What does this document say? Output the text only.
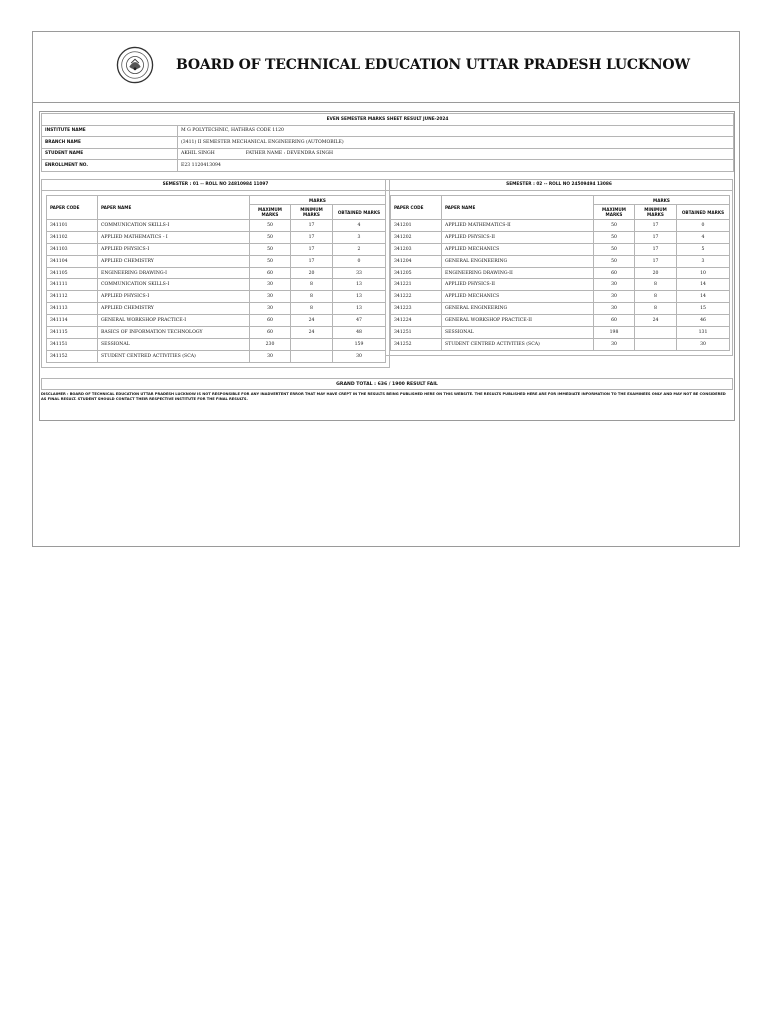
BOARD OF TECHNICAL EDUCATION UTTAR PRADESH LUCKNOW
EVEN SEMESTER MARKS SHEET RESULT JUNE-2024	
INSTITUTE NAME	M G POLYTECHNIC, HATHRAS CODE 1120
BRANCH NAME	(3411) II SEMESTER MECHANICAL ENGINEERING (AUTOMOBILE)
STUDENT NAME	AKHIL SINGH FATHER NAME : DEVENDRA SINGH
ENROLLMENT NO.	E23 1120413094
SEMESTER : 01 -- ROLL NO 24810984 11097
PAPER CODE	PAPER NAME	MARKS		
		MAXIMUM MARKS	MINIMUM MARKS	OBTAINED MARKS
341101	COMMUNICATION SKILLS-I	50	17	4
341102	APPLIED MATHEMATICS - I	50	17	3
341103	APPLIED PHYSICS-I	50	17	2
341104	APPLIED CHEMISTRY	50	17	0
341105	ENGINEERING DRAWING-I	60	20	33
341111	COMMUNICATION SKILLS-I	30	8	13
341112	APPLIED PHYSICS-I	30	8	13
341113	APPLIED CHEMISTRY	30	8	13
341114	GENERAL WORKSHOP PRACTICE-I	60	24	47
341115	BASICS OF INFORMATION TECHNOLOGY	60	24	48
341151	SESSIONAL	230		159
341152	STUDENT CENTRED ACTIVITIES (SCA)	30		30
SEMESTER : 02 -- ROLL NO 24509494 13086
PAPER CODE	PAPER NAME	MARKS		
		MAXIMUM MARKS	MINIMUM MARKS	OBTAINED MARKS
341201	APPLIED MATHEMATICS-II	50	17	0
341202	APPLIED PHYSICS-II	50	17	4
341203	APPLIED MECHANICS	50	17	5
341204	GENERAL ENGINEERING	50	17	3
341205	ENGINEERING DRAWING-II	60	20	10
341221	APPLIED PHYSICS-II	30	8	14
341222	APPLIED MECHANICS	30	8	14
341223	GENERAL ENGINEERING	30	8	15
341224	GENERAL WORKSHOP PRACTICE-II	60	24	46
341251	SESSIONAL	198		131
341252	STUDENT CENTRED ACTIVITIES (SCA)	30		30
GRAND TOTAL : 636 / 1900 RESULT FAIL
DISCLAIMER : BOARD OF TECHNICAL EDUCATION UTTAR PRADESH LUCKNOW IS NOT RESPONSIBLE FOR ANY INADVERTENT ERROR THAT MAY HAVE CREPT IN THE RESULTS BEING PUBLISHED HERE ON THIS WEBSITE. THE RESULTS PUBLISHED HERE ARE FOR IMMEDIATE INFORMATION TO THE EXAMINEES ONLY AND MAY NOT BE CONSIDERED AS FINAL RESULT. STUDENT SHOULD CONTACT THEIR RESPECTIVE INSTITUTE FOR THE FINAL RESULTS.
